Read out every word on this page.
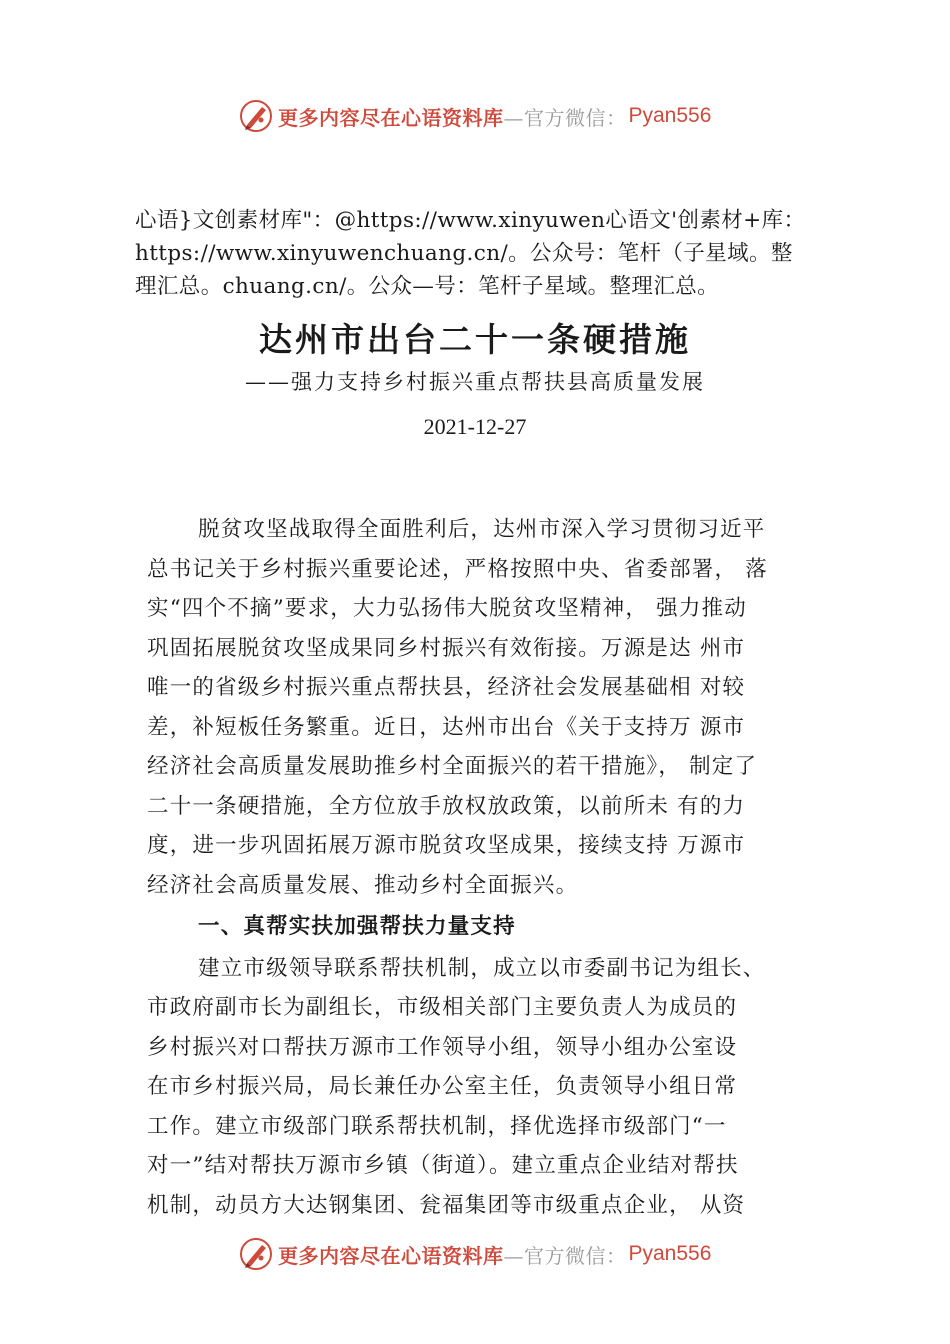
更多内容尽在心语资料库 —官方微信： Pyan556
心语}文创素材库"：@https://www.xinyuwen心语文'创素材+库：
https://www.xinyuwenchuang.cn/。公众号：笔杆（子星域。整
理汇总。chuang.cn/。公众—号：笔杆子星域。整理汇总。
达州市出台二十一条硬措施
——强力支持乡村振兴重点帮扶县高质量发展
2021-12-27
脱贫攻坚战取得全面胜利后，达州市深入学习贯彻习近平
总书记关于乡村振兴重要论述，严格按照中央、省委部署， 落
实“四个不摘”要求，大力弘扬伟大脱贫攻坚精神， 强力推动
巩固拓展脱贫攻坚成果同乡村振兴有效衔接。万源是达 州市
唯一的省级乡村振兴重点帮扶县，经济社会发展基础相 对较
差，补短板任务繁重。近日，达州市出台《关于支持万 源市
经济社会高质量发展助推乡村全面振兴的若干措施》， 制定了
二十一条硬措施，全方位放手放权放政策，以前所未 有的力
度，进一步巩固拓展万源市脱贫攻坚成果，接续支持 万源市
经济社会高质量发展、推动乡村全面振兴。
一、真帮实扶加强帮扶力量支持
建立市级领导联系帮扶机制，成立以市委副书记为组长、
市政府副市长为副组长，市级相关部门主要负责人为成员的
乡村振兴对口帮扶万源市工作领导小组，领导小组办公室设
在市乡村振兴局，局长兼任办公室主任，负责领导小组日常
工作。建立市级部门联系帮扶机制，择优选择市级部门“一
对一”结对帮扶万源市乡镇（街道）。建立重点企业结对帮扶
机制，动员方大达钢集团、瓮福集团等市级重点企业， 从资
更多内容尽在心语资料库 —官方微信： Pyan556
